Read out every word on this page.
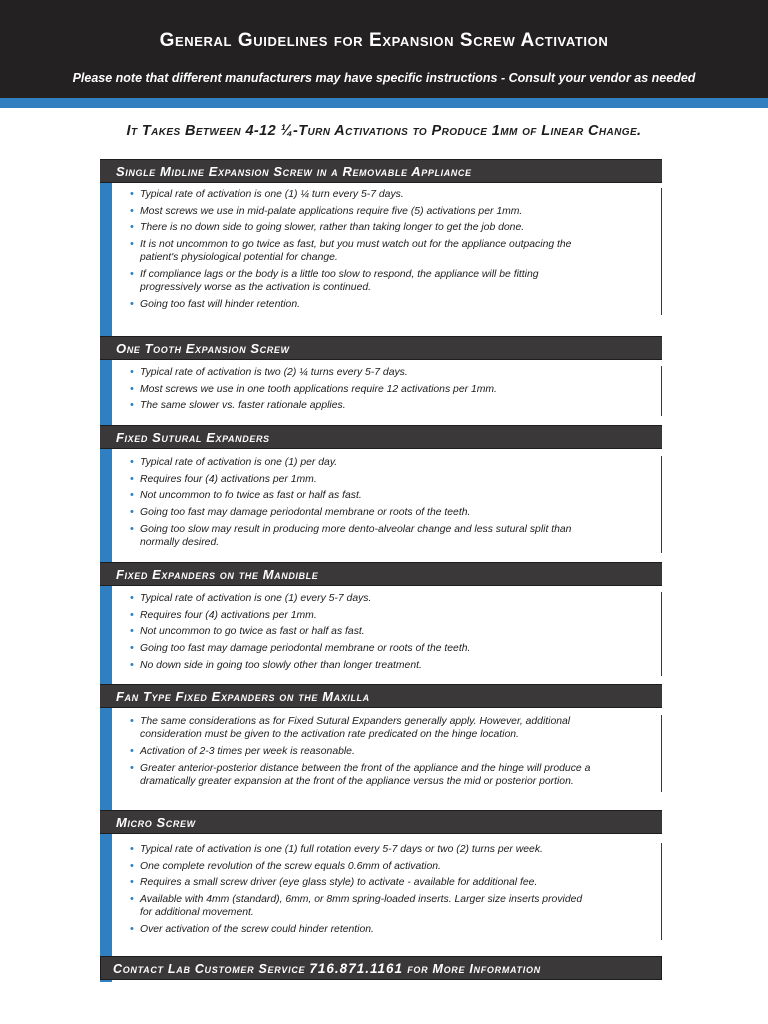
General Guidelines for Expansion Screw Activation
Please note that different manufacturers may have specific instructions - Consult your vendor as needed
It Takes Between 4-12 ¼-Turn Activations to Produce 1mm of Linear Change.
Single Midline Expansion Screw in a Removable Appliance
• Typical rate of activation is one (1) ¼ turn every 5-7 days.
• Most screws we use in mid-palate applications require five (5) activations per 1mm.
• There is no down side to going slower, rather than taking longer to get the job done.
• It is not uncommon to go twice as fast, but you must watch out for the appliance outpacing the patient's physiological potential for change.
• If compliance lags or the body is a little too slow to respond, the appliance will be fitting progressively worse as the activation is continued.
• Going too fast will hinder retention.
One Tooth Expansion Screw
• Typical rate of activation is two (2) ¼ turns every 5-7 days.
• Most screws we use in one tooth applications require 12 activations per 1mm.
• The same slower vs. faster rationale applies.
Fixed Sutural Expanders
• Typical rate of activation is one (1) per day.
• Requires four (4) activations per 1mm.
• Not uncommon to fo twice as fast or half as fast.
• Going too fast may damage periodontal membrane or roots of the teeth.
• Going too slow may result in producing more dento-alveolar change and less sutural split than normally desired.
Fixed Expanders on the Mandible
• Typical rate of activation is one (1) every 5-7 days.
• Requires four (4) activations per 1mm.
• Not uncommon to go twice as fast or half as fast.
• Going too fast may damage periodontal membrane or roots of the teeth.
• No down side in going too slowly other than longer treatment.
Fan Type Fixed Expanders on the Maxilla
• The same considerations as for Fixed Sutural Expanders generally apply. However, additional consideration must be given to the activation rate predicated on the hinge location.
• Activation of 2-3 times per week is reasonable.
• Greater anterior-posterior distance between the front of the appliance and the hinge will produce a dramatically greater expansion at the front of the appliance versus the mid or posterior portion.
Micro Screw
• Typical rate of activation is one (1) full rotation every 5-7 days or two (2) turns per week.
• One complete revolution of the screw equals 0.6mm of activation.
• Requires a small screw driver (eye glass style) to activate - available for additional fee.
• Available with 4mm (standard), 6mm, or 8mm spring-loaded inserts. Larger size inserts provided for additional movement.
• Over activation of the screw could hinder retention.
Contact Lab Customer Service 716.871.1161 for More Information
